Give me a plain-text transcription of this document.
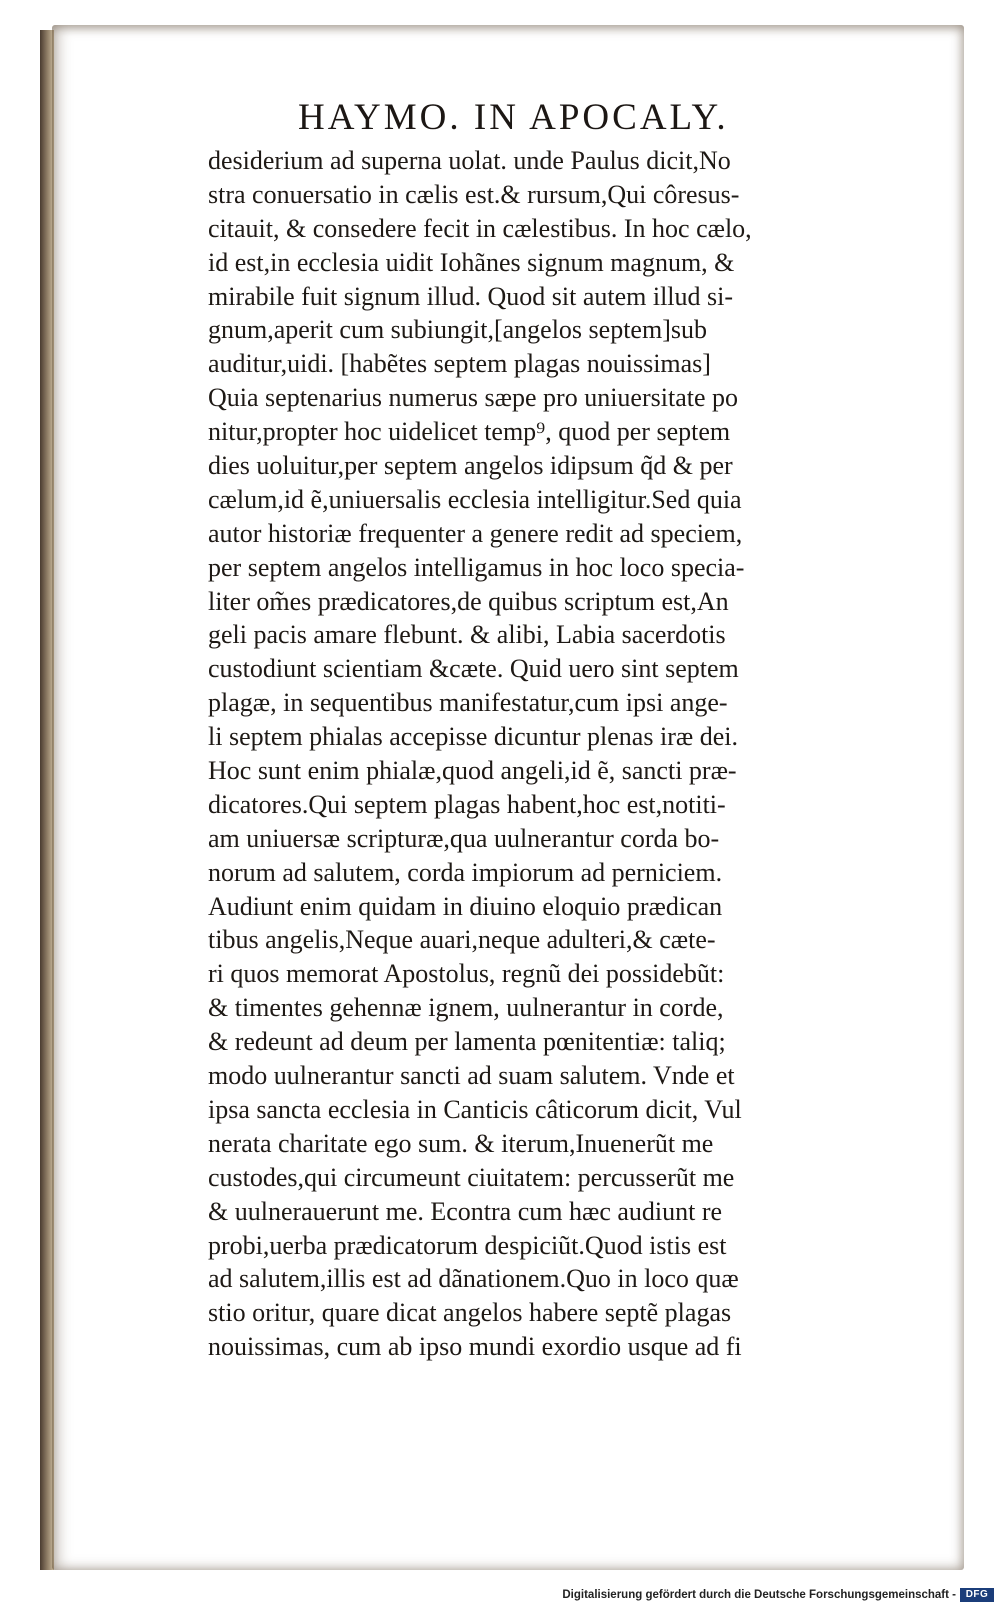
HAYMO. IN APOCALY.
desiderium ad superna uolat. unde Paulus dicit,No
stra conuersatio in cælis est.& rursum,Qui côresus-
citauit, & consedere fecit in cælestibus. In hoc cælo,
id est,in ecclesia uidit Iohãnes signum magnum, &
mirabile fuit signum illud. Quod sit autem illud si-
gnum,aperit cum subiungit,[angelos septem]sub
auditur,uidi. [habẽtes septem plagas nouissimas]
Quia septenarius numerus sæpe pro uniuersitate po
nitur,propter hoc uidelicet temp⁹, quod per septem
dies uoluitur,per septem angelos idipsum q̃d & per
cælum,id ẽ,uniuersalis ecclesia intelligitur.Sed quia
autor historiæ frequenter a genere redit ad speciem,
per septem angelos intelligamus in hoc loco specia-
liter om̃es prædicatores,de quibus scriptum est,An
geli pacis amare flebunt. & alibi, Labia sacerdotis
custodiunt scientiam &cæte. Quid uero sint septem
plagæ, in sequentibus manifestatur,cum ipsi ange-
li septem phialas accepisse dicuntur plenas iræ dei.
Hoc sunt enim phialæ,quod angeli,id ẽ, sancti præ-
dicatores.Qui septem plagas habent,hoc est,notiti-
am uniuersæ scripturæ,qua uulnerantur corda bo-
norum ad salutem, corda impiorum ad perniciem.
Audiunt enim quidam in diuino eloquio prædican
tibus angelis,Neque auari,neque adulteri,& cæte-
ri quos memorat Apostolus, regnũ dei possidebũt:
& timentes gehennæ ignem, uulnerantur in corde,
& redeunt ad deum per lamenta pœnitentiæ: taliq;
modo uulnerantur sancti ad suam salutem. Vnde et
ipsa sancta ecclesia in Canticis câticorum dicit, Vul
nerata charitate ego sum. & iterum,Inuenerũt me
custodes,qui circumeunt ciuitatem: percusserũt me
& uulnerauerunt me. Econtra cum hæc audiunt re
probi,uerba prædicatorum despiciũt.Quod istis est
ad salutem,illis est ad dãnationem.Quo in loco quæ
stio oritur, quare dicat angelos habere septẽ plagas
nouissimas, cum ab ipso mundi exordio usque ad fi
Digitalisierung gefördert durch die Deutsche Forschungsgemeinschaft - DFG
